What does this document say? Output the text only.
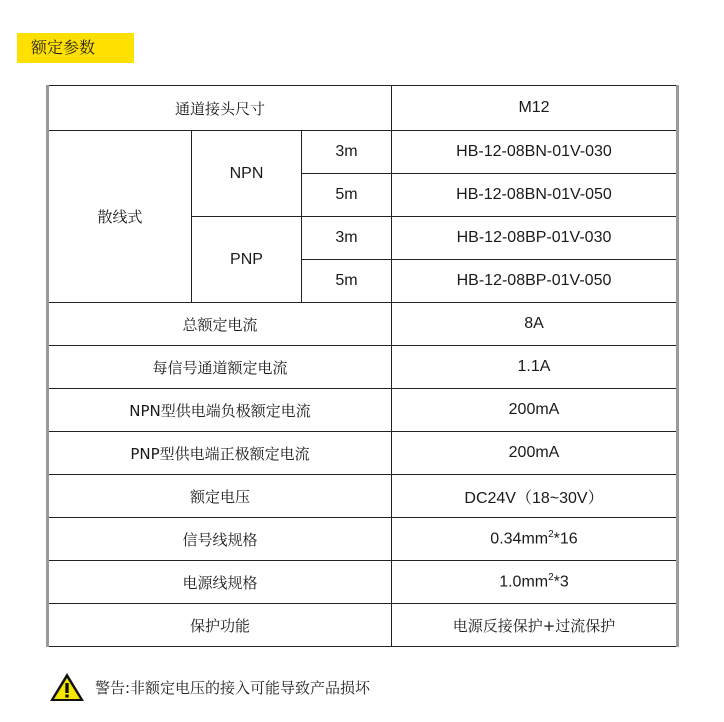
额定参数
通道接头尺寸			M12
散线式	NPN	3m	HB-12-08BN-01V-030
		5m	HB-12-08BN-01V-050
	PNP	3m	HB-12-08BP-01V-030
		5m	HB-12-08BP-01V-050
总额定电流			8A
每信号通道额定电流			1.1A
NPN型供电端负极额定电流			200mA
PNP型供电端正极额定电流			200mA
额定电压			DC24V（18~30V）
信号线规格			$0.34mm^2*16$
电源线规格			$1.0mm^2*3$
保护功能			电源反接保护+过流保护
警告:非额定电压的接入可能导致产品损坏
